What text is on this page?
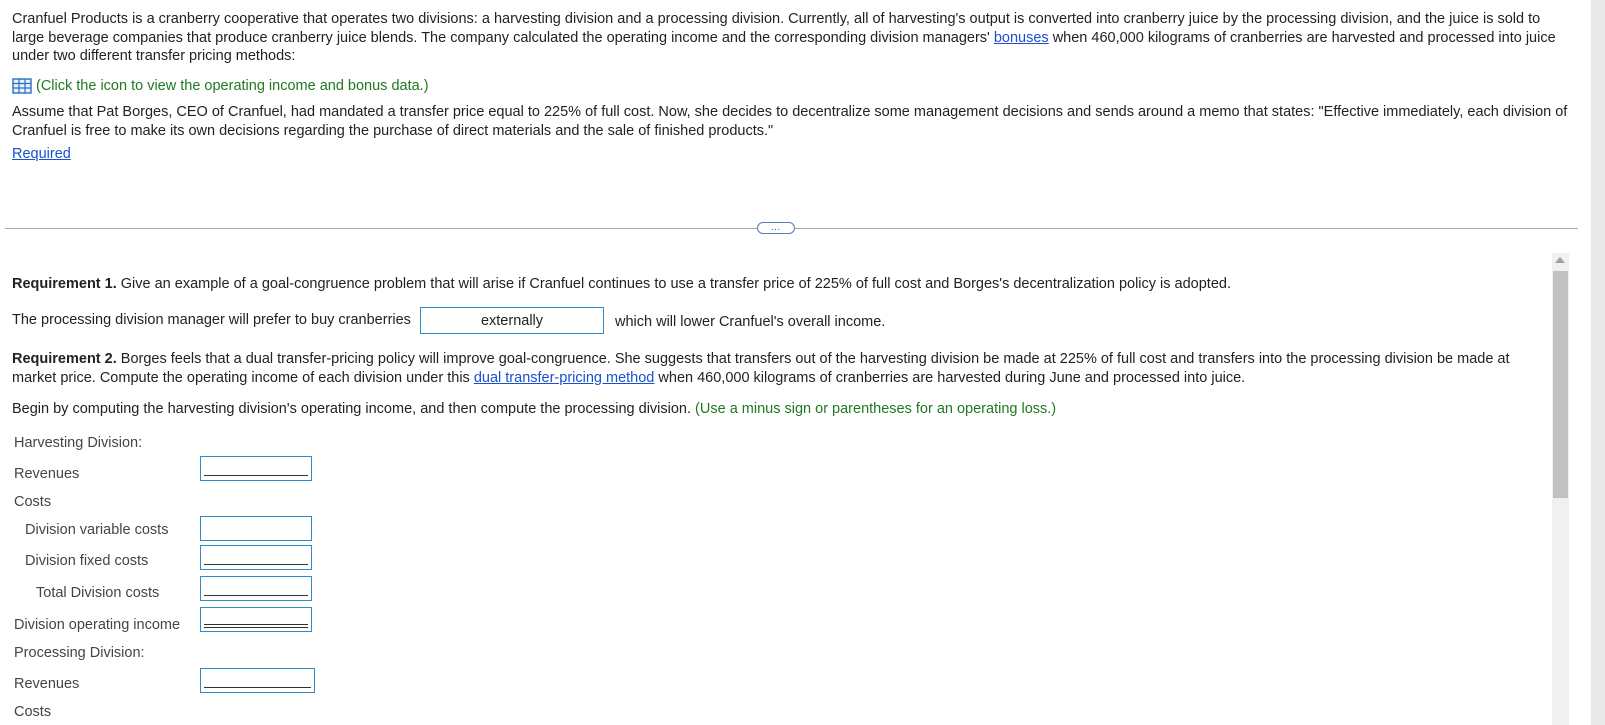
Cranfuel Products is a cranberry cooperative that operates two divisions: a harvesting division and a processing division. Currently, all of harvesting's output is converted into cranberry juice by the processing division, and the juice is sold to large beverage companies that produce cranberry juice blends. The company calculated the operating income and the corresponding division managers' bonuses when 460,000 kilograms of cranberries are harvested and processed into juice under two different transfer pricing methods:

(Click the icon to view the operating income and bonus data.)

Assume that Pat Borges, CEO of Cranfuel, had mandated a transfer price equal to 225% of full cost. Now, she decides to decentralize some management decisions and sends around a memo that states: "Effective immediately, each division of Cranfuel is free to make its own decisions regarding the purchase of direct materials and the sale of finished products."

Required
…

Requirement 1. Give an example of a goal-congruence problem that will arise if Cranfuel continues to use a transfer price of 225% of full cost and Borges's decentralization policy is adopted.

The processing division manager will prefer to buy cranberries	externally	which will lower Cranfuel's overall income.

Requirement 2. Borges feels that a dual transfer-pricing policy will improve goal-congruence. She suggests that transfers out of the harvesting division be made at 225% of full cost and transfers into the processing division be made at market price. Compute the operating income of each division under this dual transfer-pricing method when 460,000 kilograms of cranberries are harvested during June and processed into juice.

Begin by computing the harvesting division's operating income, and then compute the processing division. (Use a minus sign or parentheses for an operating loss.)

Harvesting Division:

Revenues

Costs

Division variable costs

Division fixed costs

Total Division costs

Division operating income

Processing Division:

Revenues

Costs
